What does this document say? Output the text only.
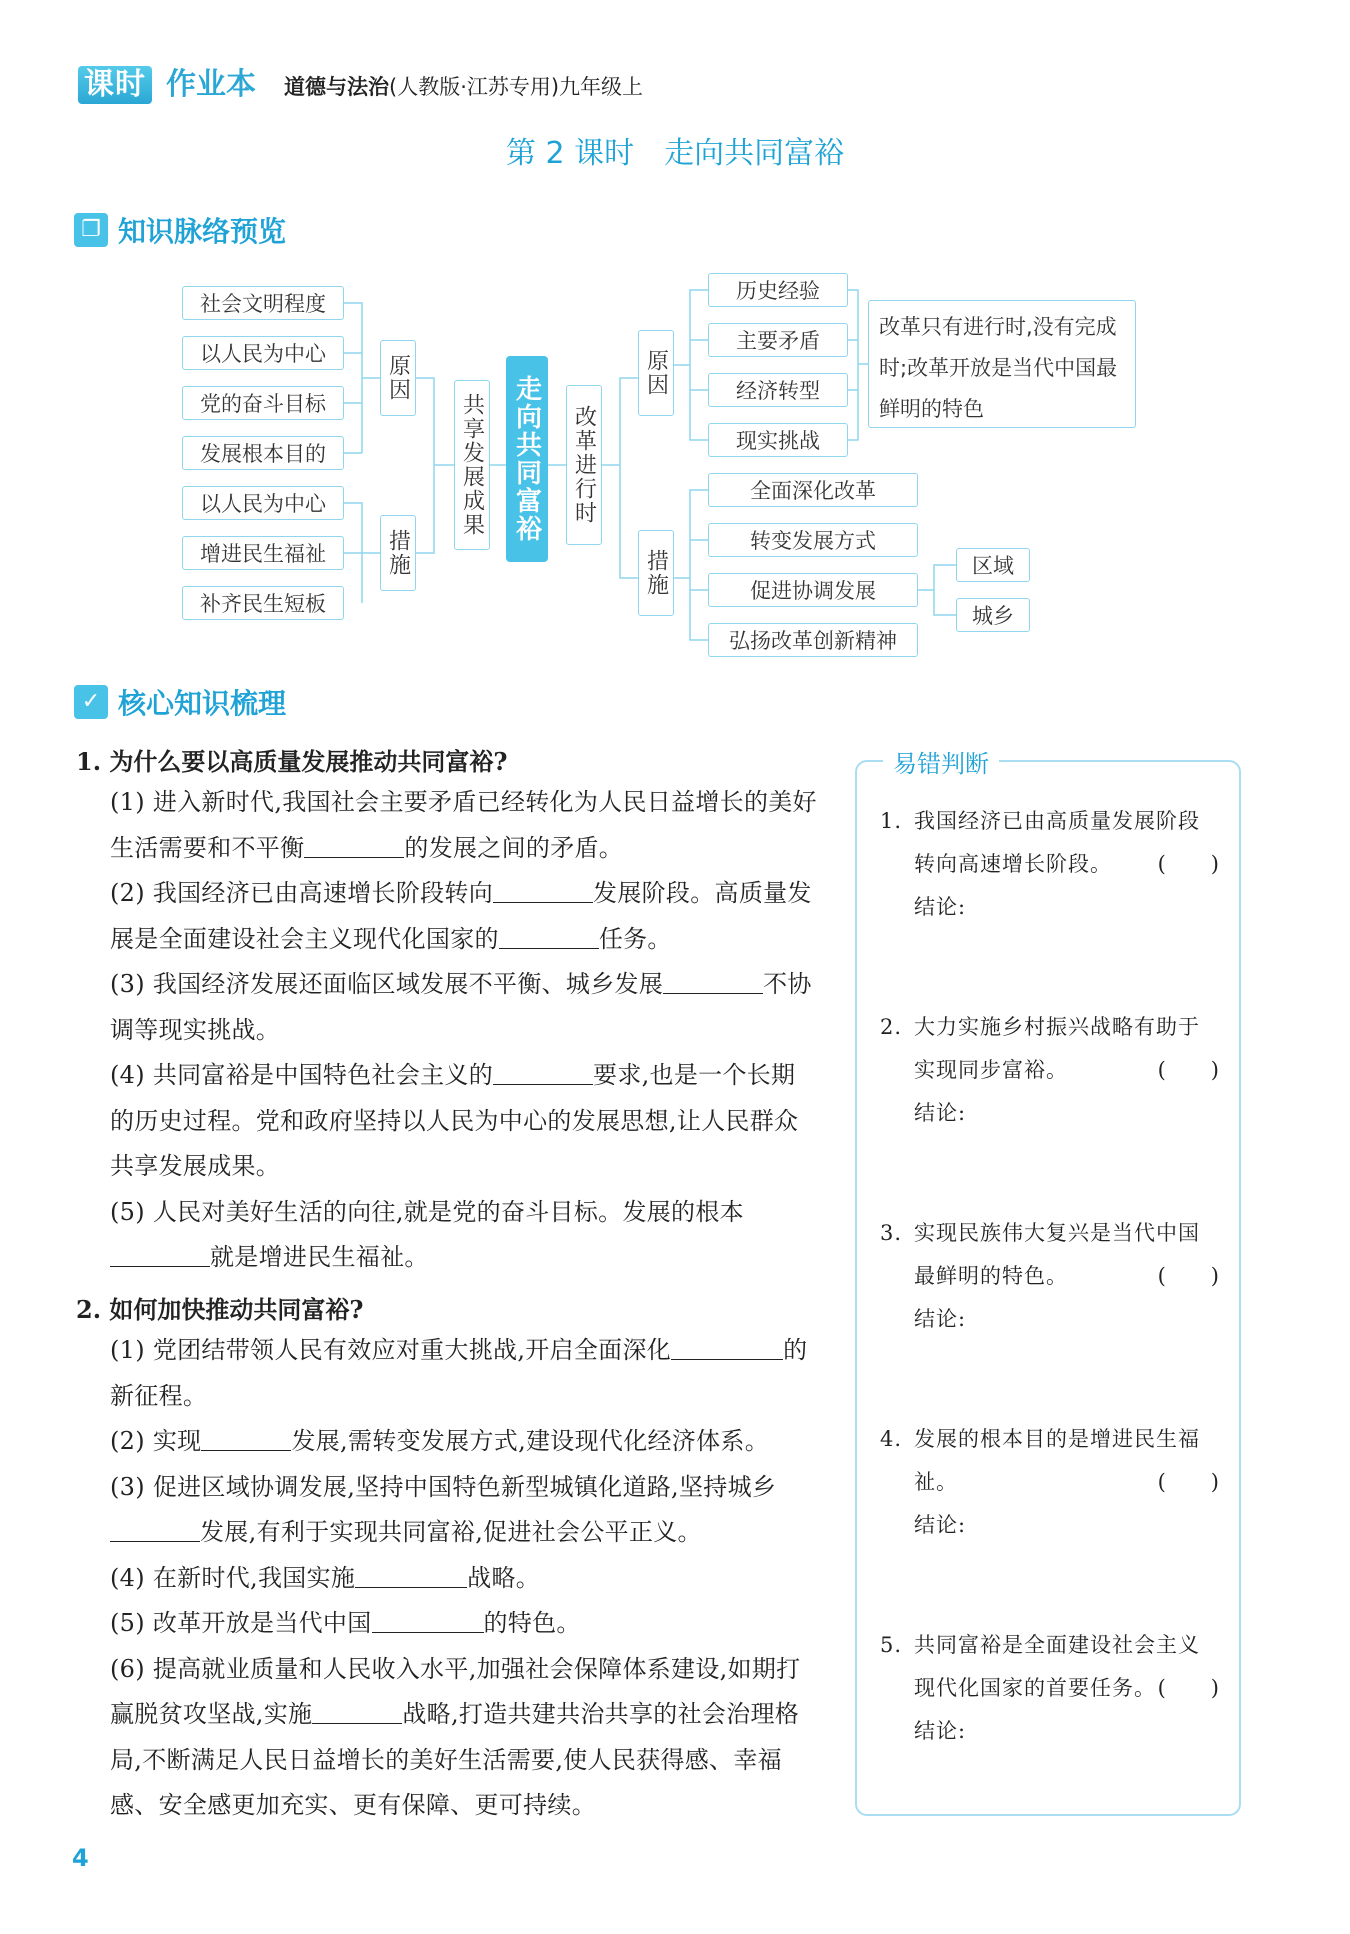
课时 作业本 道德与法治(人教版·江苏专用)九年级上
第 2 课时　走向共同富裕
❐ 知识脉络预览
社会文明程度
以人民为中心
党的奋斗目标
发展根本目的
以人民为中心
增进民生福祉
补齐民生短板
原因
措施
共享发展成果 走向共同富裕 改革进行时
原因
措施
历史经验
主要矛盾
经济转型
现实挑战
改革只有进行时,没有完成时;改革开放是当代中国最鲜明的特色
全面深化改革
转变发展方式
促进协调发展
弘扬改革创新精神
区域
城乡
✓ 核心知识梳理
1. 为什么要以高质量发展推动共同富裕?

(1) 进入新时代,我国社会主要矛盾已经转化为人民日益增长的美好生活需要和不平衡	的发展之间的矛盾。

(2) 我国经济已由高速增长阶段转向	发展阶段。高质量发展是全面建设社会主义现代化国家的	任务。

(3) 我国经济发展还面临区域发展不平衡、城乡发展	不协调等现实挑战。

(4) 共同富裕是中国特色社会主义的	要求,也是一个长期的历史过程。党和政府坚持以人民为中心的发展思想,让人民群众共享发展成果。

(5) 人民对美好生活的向往,就是党的奋斗目标。发展的根本就是增进民生福祉。

2. 如何加快推动共同富裕?

(1) 党团结带领人民有效应对重大挑战,开启全面深化	的新征程。

(2) 实现	发展,需转变发展方式,建设现代化经济体系。

(3) 促进区域协调发展,坚持中国特色新型城镇化道路,坚持城乡发展,有利于实现共同富裕,促进社会公平正义。

(4) 在新时代,我国实施	战略。

(5) 改革开放是当代中国	的特色。

(6) 提高就业质量和人民收入水平,加强社会保障体系建设,如期打赢脱贫攻坚战,实施	战略,打造共建共治共享的社会治理格局,不断满足人民日益增长的美好生活需要,使人民获得感、幸福感、安全感更加充实、更有保障、更可持续。

易错判断
1. 我国经济已由高质量发展阶段转向高速增长阶段。	(　　)
结论:
2. 大力实施乡村振兴战略有助于实现同步富裕。	(　　)
结论:
3. 实现民族伟大复兴是当代中国最鲜明的特色。	(　　)
结论:
4. 发展的根本目的是增进民生福祉。	(　　)
结论:
5. 共同富裕是全面建设社会主义现代化国家的首要任务。 (　　)
结论:
4
